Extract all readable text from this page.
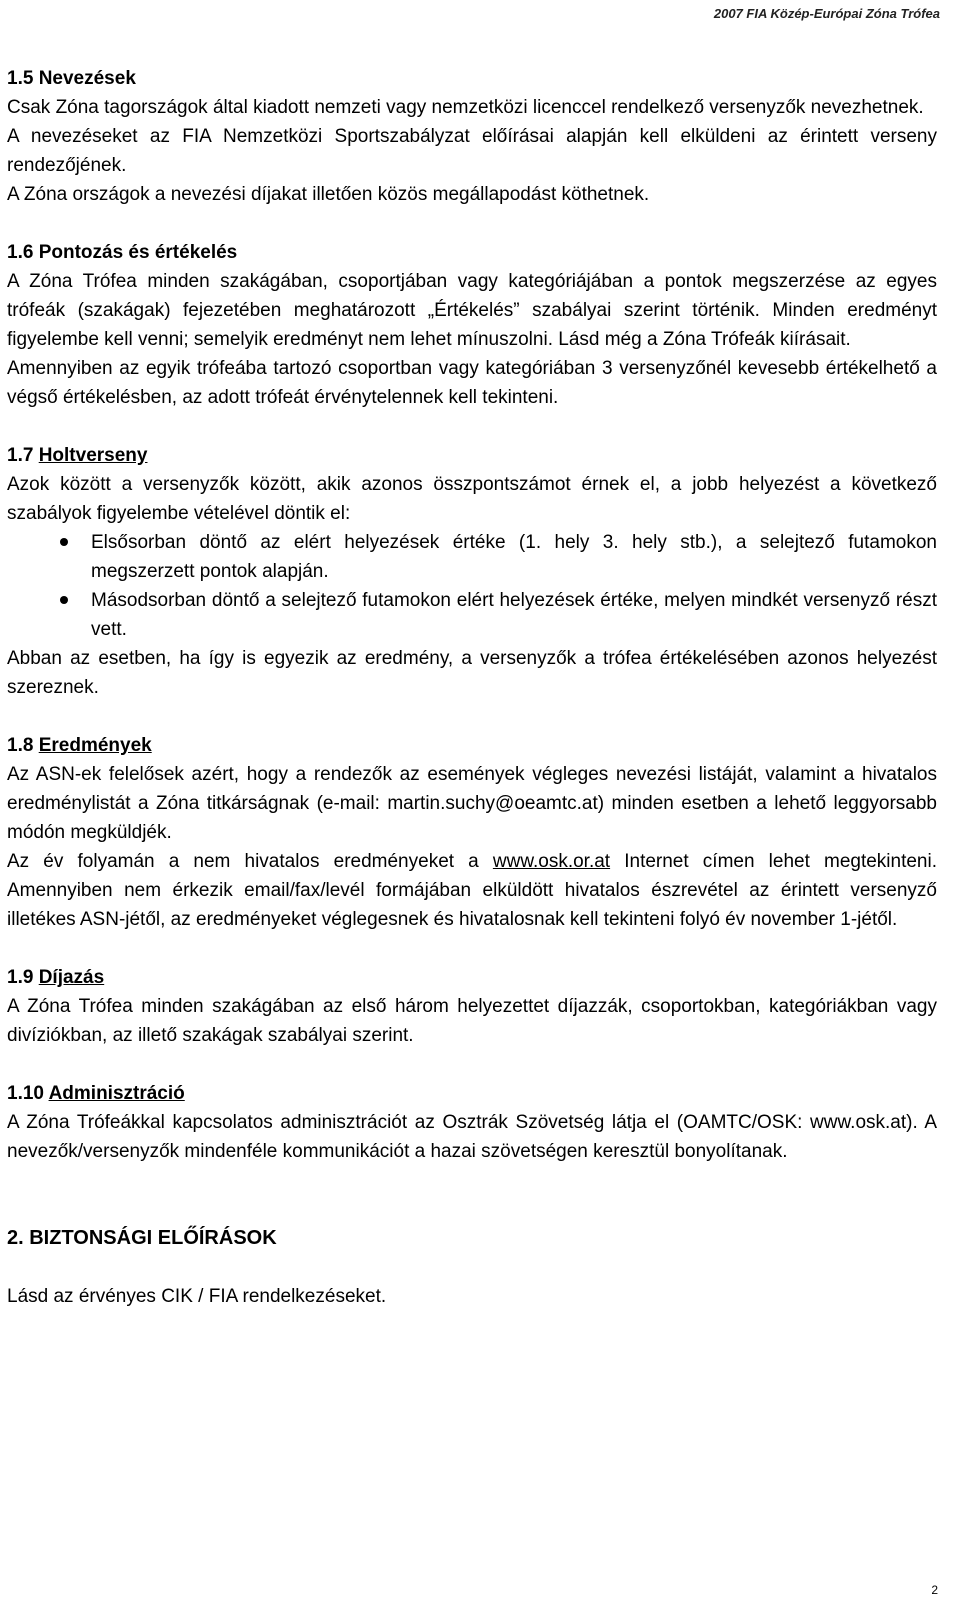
2007 FIA Közép-Európai Zóna Trófea
1.5 Nevezések

Csak Zóna tagországok által kiadott nemzeti vagy nemzetközi licenccel rendelkező versenyzők nevezhetnek.

A nevezéseket az FIA Nemzetközi Sportszabályzat előírásai alapján kell elküldeni az érintett verseny rendezőjének.

A Zóna országok a nevezési díjakat illetően közös megállapodást köthetnek.

1.6 Pontozás és értékelés

A Zóna Trófea minden szakágában, csoportjában vagy kategóriájában a pontok megszerzése az egyes trófeák (szakágak) fejezetében meghatározott „Értékelés” szabályai szerint történik. Minden eredményt figyelembe kell venni; semelyik eredményt nem lehet mínuszolni. Lásd még a Zóna Trófeák kiírásait.

Amennyiben az egyik trófeába tartozó csoportban vagy kategóriában 3 versenyzőnél kevesebb értékelhető a végső értékelésben, az adott trófeát érvénytelennek kell tekinteni.

1.7 Holtverseny

Azok között a versenyzők között, akik azonos összpontszámot érnek el, a jobb helyezést a következő szabályok figyelembe vételével döntik el:

Elsősorban döntő az elért helyezések értéke (1. hely 3. hely stb.), a selejtező futamokon megszerzett pontok alapján.
Másodsorban döntő a selejtező futamokon elért helyezések értéke, melyen mindkét versenyző részt vett.

Abban az esetben, ha így is egyezik az eredmény, a versenyzők a trófea értékelésében azonos helyezést szereznek.

1.8 Eredmények

Az ASN-ek felelősek azért, hogy a rendezők az események végleges nevezési listáját, valamint a hivatalos eredménylistát a Zóna titkárságnak (e-mail: martin.suchy@oeamtc.at) minden esetben a lehető leggyorsabb módón megküldjék.

Az év folyamán a nem hivatalos eredményeket a www.osk.or.at Internet címen lehet megtekinteni. Amennyiben nem érkezik email/fax/levél formájában elküldött hivatalos észrevétel az érintett versenyző illetékes ASN-jétől, az eredményeket véglegesnek és hivatalosnak kell tekinteni folyó év november 1-jétől.

1.9 Díjazás

A Zóna Trófea minden szakágában az első három helyezettet díjazzák, csoportokban, kategóriákban vagy divíziókban, az illető szakágak szabályai szerint.

1.10 Adminisztráció

A Zóna Trófeákkal kapcsolatos adminisztrációt az Osztrák Szövetség látja el (OAMTC/OSK: www.osk.at). A nevezők/versenyzők mindenféle kommunikációt a hazai szövetségen keresztül bonyolítanak.

2. BIZTONSÁGI ELŐÍRÁSOK

Lásd az érvényes CIK / FIA rendelkezéseket.

2
